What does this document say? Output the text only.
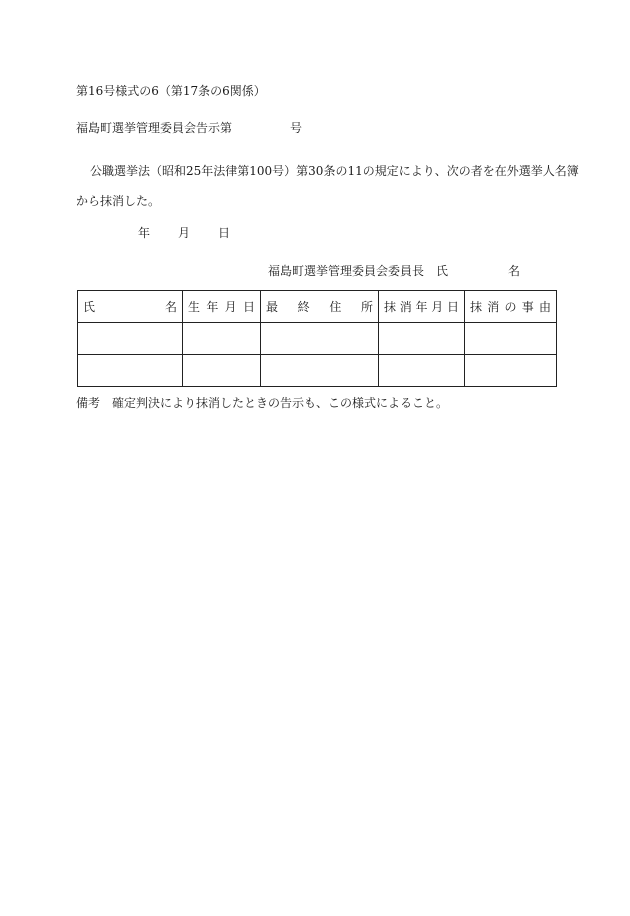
第16号様式の6（第17条の6関係）
福島町選挙管理委員会告示第	号
公職選挙法（昭和25年法律第100号）第30条の11の規定により、次の者を在外選挙人名簿
から抹消した。
年 月 日
福島町選挙管理委員会委員長 氏	名
氏 名	生 年 月 日	最 終 住 所	抹 消 年 月 日	抹 消 の 事 由

備考　確定判決により抹消したときの告示も、この様式によること。
